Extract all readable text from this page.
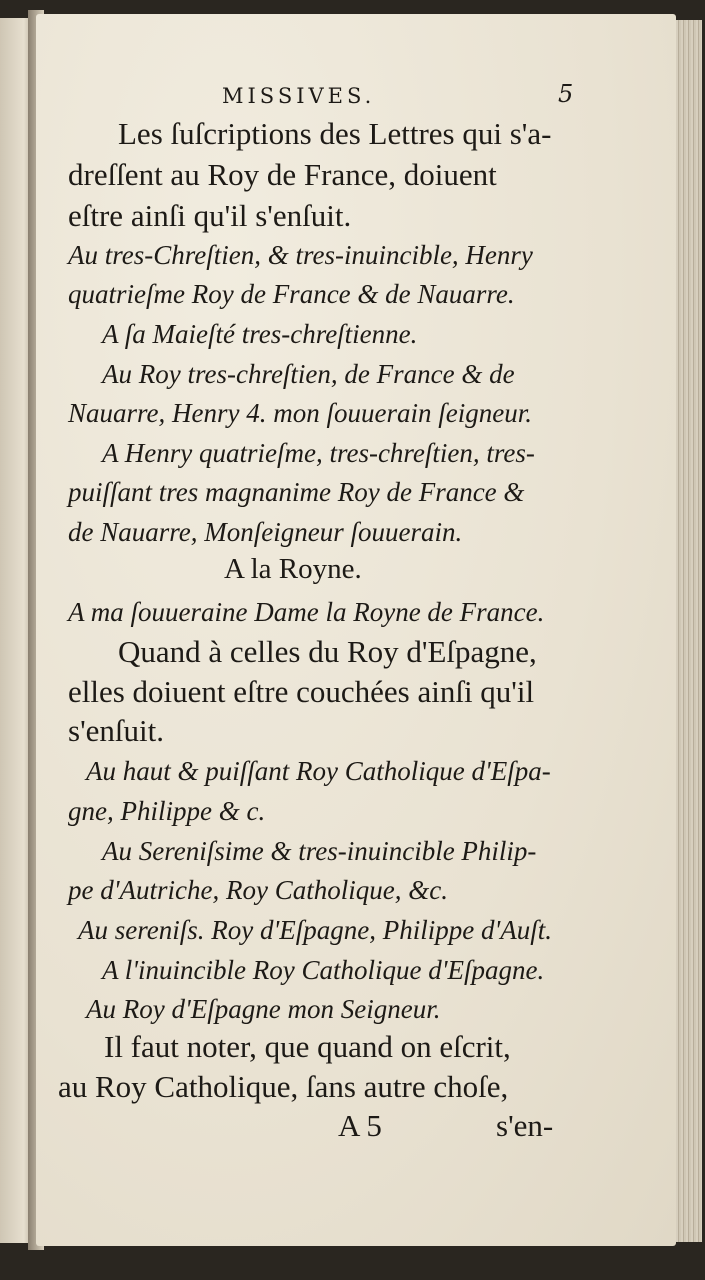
MISSIVES.	5
Les ſuſcriptions des Lettres qui s'a-
dreſſent au Roy de France, doiuent
eſtre ainſi qu'il s'enſuit.
Au tres-Chreſtien, & tres-inuincible, Henry
quatrieſme Roy de France & de Nauarre.
A ſa Maieſté tres-chreſtienne.
Au Roy tres-chreſtien, de France & de
Nauarre, Henry 4. mon ſouuerain ſeigneur.
A Henry quatrieſme, tres-chreſtien, tres-
puiſſant tres magnanime Roy de France &
de Nauarre, Monſeigneur ſouuerain.
A la Royne.
A ma ſouueraine Dame la Royne de France.
Quand à celles du Roy d'Eſpagne,
elles doiuent eſtre couchées ainſi qu'il
s'enſuit.
Au haut & puiſſant Roy Catholique d'Eſpa-
gne, Philippe & c.
Au Sereniſsime & tres-inuincible Philip-
pe d'Autriche, Roy Catholique, &c.
Au sereniſs. Roy d'Eſpagne, Philippe d'Auſt.
A l'inuincible Roy Catholique d'Eſpagne.
Au Roy d'Eſpagne mon Seigneur.
Il faut noter, que quand on eſcrit,
au Roy Catholique, ſans autre choſe,
A 5	s'en-
